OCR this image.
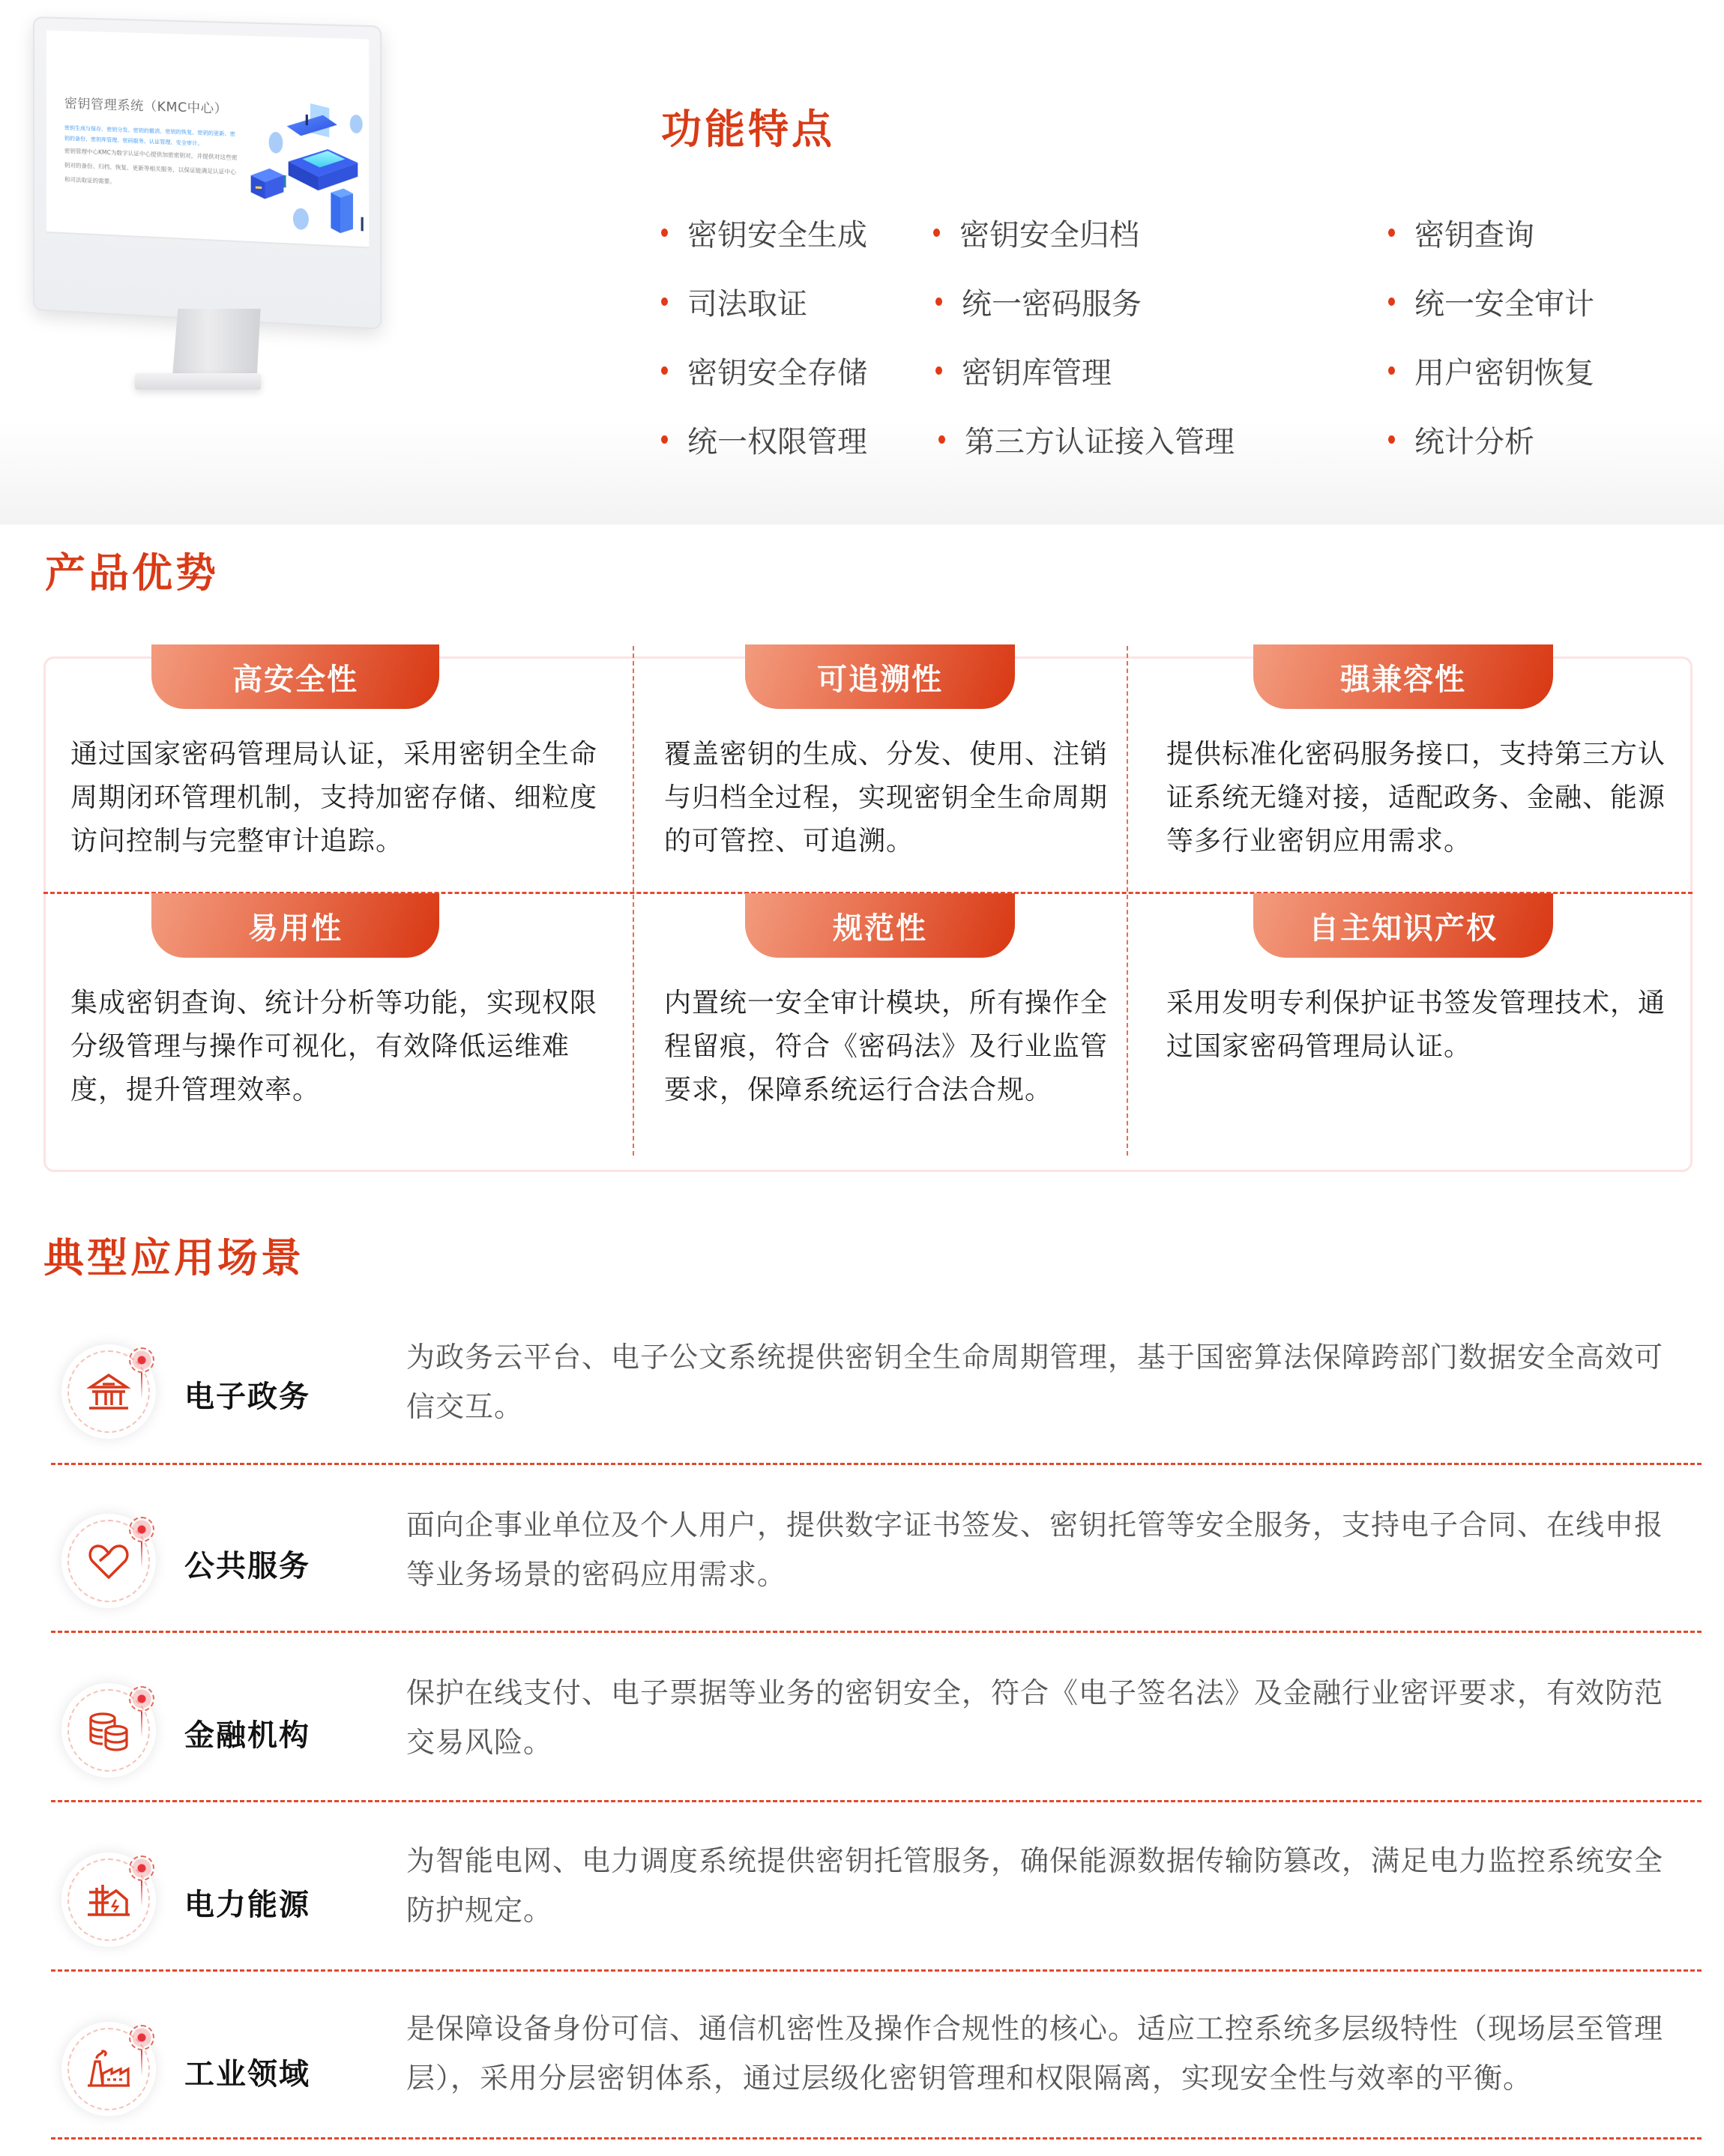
密钥管理系统（KMC中心）
密钥生成与保存、密钥分发、密钥的撤消、密钥的恢复、密钥的更新、密钥的备份、密钥库管理、密码服务、认证管理、安全审计。
密钥管理中心KMC为数字认证中心提供加密密钥对，并提供对这些密钥对的备份、归档、恢复、更新等相关服务，以保证能满足认证中心和司法取证的需要。
功能特点
密钥安全生成	密钥安全归档	密钥查询
司法取证	统一密码服务	统一安全审计
密钥安全存储	密钥库管理	用户密钥恢复
统一权限管理	第三方认证接入管理	统计分析
产品优势
高安全性
通过国家密码管理局认证，采用密钥全生命周期闭环管理机制，支持加密存储、细粒度访问控制与完整审计追踪。
可追溯性
覆盖密钥的生成、分发、使用、注销与归档全过程，实现密钥全生命周期的可管控、可追溯。
强兼容性
提供标准化密码服务接口，支持第三方认证系统无缝对接，适配政务、金融、能源等多行业密钥应用需求。
易用性
集成密钥查询、统计分析等功能，实现权限分级管理与操作可视化，有效降低运维难度，提升管理效率。
规范性
内置统一安全审计模块，所有操作全程留痕，符合《密码法》及行业监管要求，保障系统运行合法合规。
自主知识产权
采用发明专利保护证书签发管理技术，通过国家密码管理局认证。
典型应用场景
电子政务
为政务云平台、电子公文系统提供密钥全生命周期管理，基于国密算法保障跨部门数据安全高效可信交互。
公共服务
面向企事业单位及个人用户，提供数字证书签发、密钥托管等安全服务，支持电子合同、在线申报等业务场景的密码应用需求。
金融机构
保护在线支付、电子票据等业务的密钥安全，符合《电子签名法》及金融行业密评要求，有效防范交易风险。
电力能源
为智能电网、电力调度系统提供密钥托管服务，确保能源数据传输防篡改，满足电力监控系统安全防护规定。
工业领域
是保障设备身份可信、通信机密性及操作合规性的核心。适应工控系统多层级特性（现场层至管理层），采用分层密钥体系，通过层级化密钥管理和权限隔离，实现安全性与效率的平衡。
